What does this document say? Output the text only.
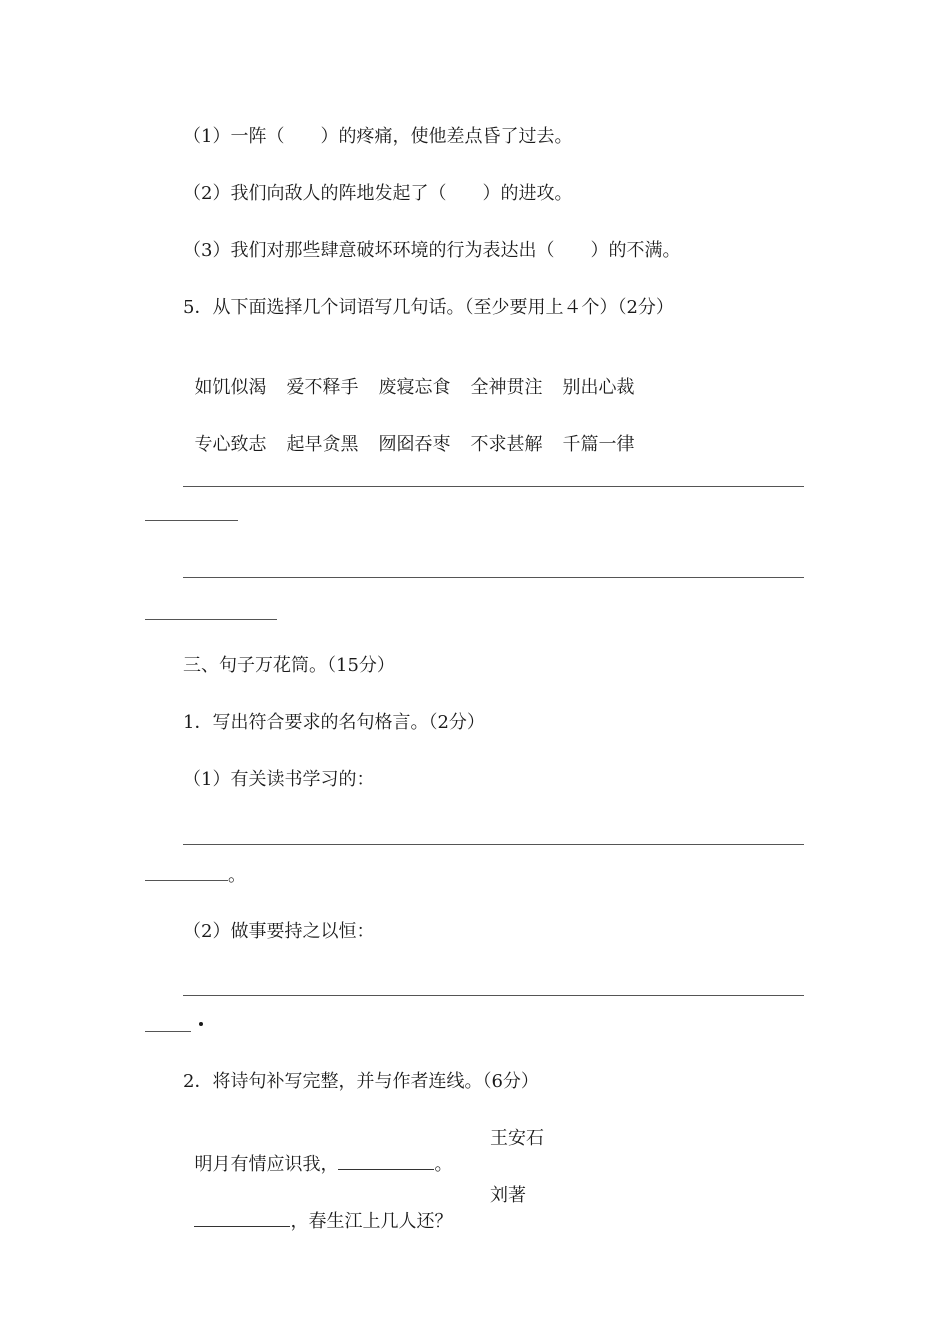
（1）一阵（　　）的疼痛，使他差点昏了过去。
（2）我们向敌人的阵地发起了（　　）的进攻。
（3）我们对那些肆意破坏环境的行为表达出（　　）的不满。
5．从下面选择几个词语写几句话。（至少要用上４个）（2分）

如饥似渴 爱不释手 废寝忘食 全神贯注 别出心裁

专心致志 起早贪黑 囫囵吞枣 不求甚解 千篇一律

三、句子万花筒。（15分）
1．写出符合要求的名句格言。（2分）
（1）有关读书学习的：
。
（2）做事要持之以恒：
2．将诗句补写完整，并与作者连线。（6分）

明月有情应识我，	。

王安石

，春生江上几人还？

刘著
